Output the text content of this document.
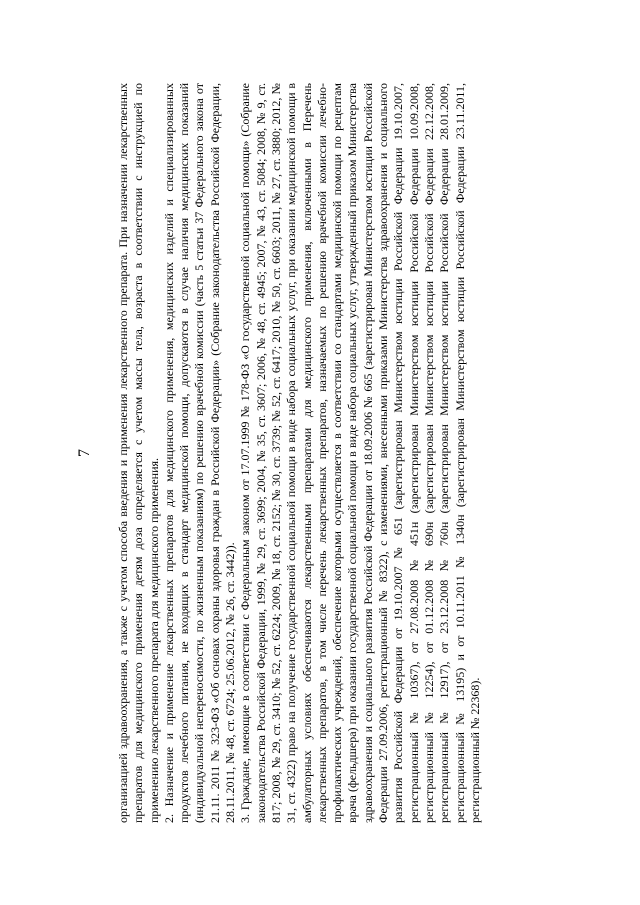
7 организацией здравоохранения, а также с учетом способа введения и применения лекарственного препарата. При назначении лекарственных препаратов для медицинского применения детям доза определяется с учетом массы тела, возраста в соответствии с инструкцией по применению лекарственного препарата для медицинского применения. 2. Назначение и применение лекарственных препаратов для медицинского применения, медицинских изделий и специализированных продуктов лечебного питания, не входящих в стандарт медицинской помощи, допускаются в случае наличия медицинских показаний (индивидуальной непереносимости, по жизненным показаниям) по решению врачебной комиссии (часть 5 статьи 37 Федерального закона от 21.11. 2011 № 323-ФЗ «Об основах охраны здоровья граждан в Российской Федерации» (Собрание законодательства Российской Федерации, 28.11.2011, № 48, ст. 6724; 25.06.2012, № 26, ст. 3442)). 3. Граждане, имеющие в соответствии с Федеральным законом от 17.07.1999 № 178-ФЗ «О государственной социальной помощи» (Собрание законодательства Российской Федерации, 1999, № 29, ст. 3699; 2004, № 35, ст. 3607; 2006, № 48, ст. 4945; 2007, № 43, ст. 5084; 2008, № 9, ст. 817; 2008, № 29, ст. 3410; № 52, ст. 6224; 2009, № 18, ст. 2152; № 30, ст. 3739; № 52, ст. 6417; 2010, № 50, ст. 6603; 2011, № 27, ст. 3880; 2012, № 31, ст. 4322) право на получение государственной социальной помощи в виде набора социальных услуг, при оказании медицинской помощи в амбулаторных условиях обеспечиваются лекарственными препаратами для медицинского применения, включенными в Перечень лекарственных препаратов, в том числе перечень лекарственных препаратов, назначаемых по решению врачебной комиссии лечебно-профилактических учреждений, обеспечение которыми осуществляется в соответствии со стандартами медицинской помощи по рецептам врача (фельдшера) при оказании государственной социальной помощи в виде набора социальных услуг, утвержденный приказом Министерства здравоохранения и социального развития Российской Федерации от 18.09.2006 № 665 (зарегистрирован Министерством юстиции Российской Федерации 27.09.2006, регистрационный № 8322), с изменениями, внесенными приказами Министерства здравоохранения и социального развития Российской Федерации от 19.10.2007 № 651 (зарегистрирован Министерством юстиции Российской Федерации 19.10.2007, регистрационный № 10367), от 27.08.2008 № 451н (зарегистрирован Министерством юстиции Российской Федерации 10.09.2008, регистрационный № 12254), от 01.12.2008 № 690н (зарегистрирован Министерством юстиции Российской Федерации 22.12.2008, регистрационный № 12917), от 23.12.2008 № 760н (зарегистрирован Министерством юстиции Российской Федерации 28.01.2009, регистрационный № 13195) и от 10.11.2011 № 1340н (зарегистрирован Министерством юстиции Российской Федерации 23.11.2011, регистрационный № 22368).
